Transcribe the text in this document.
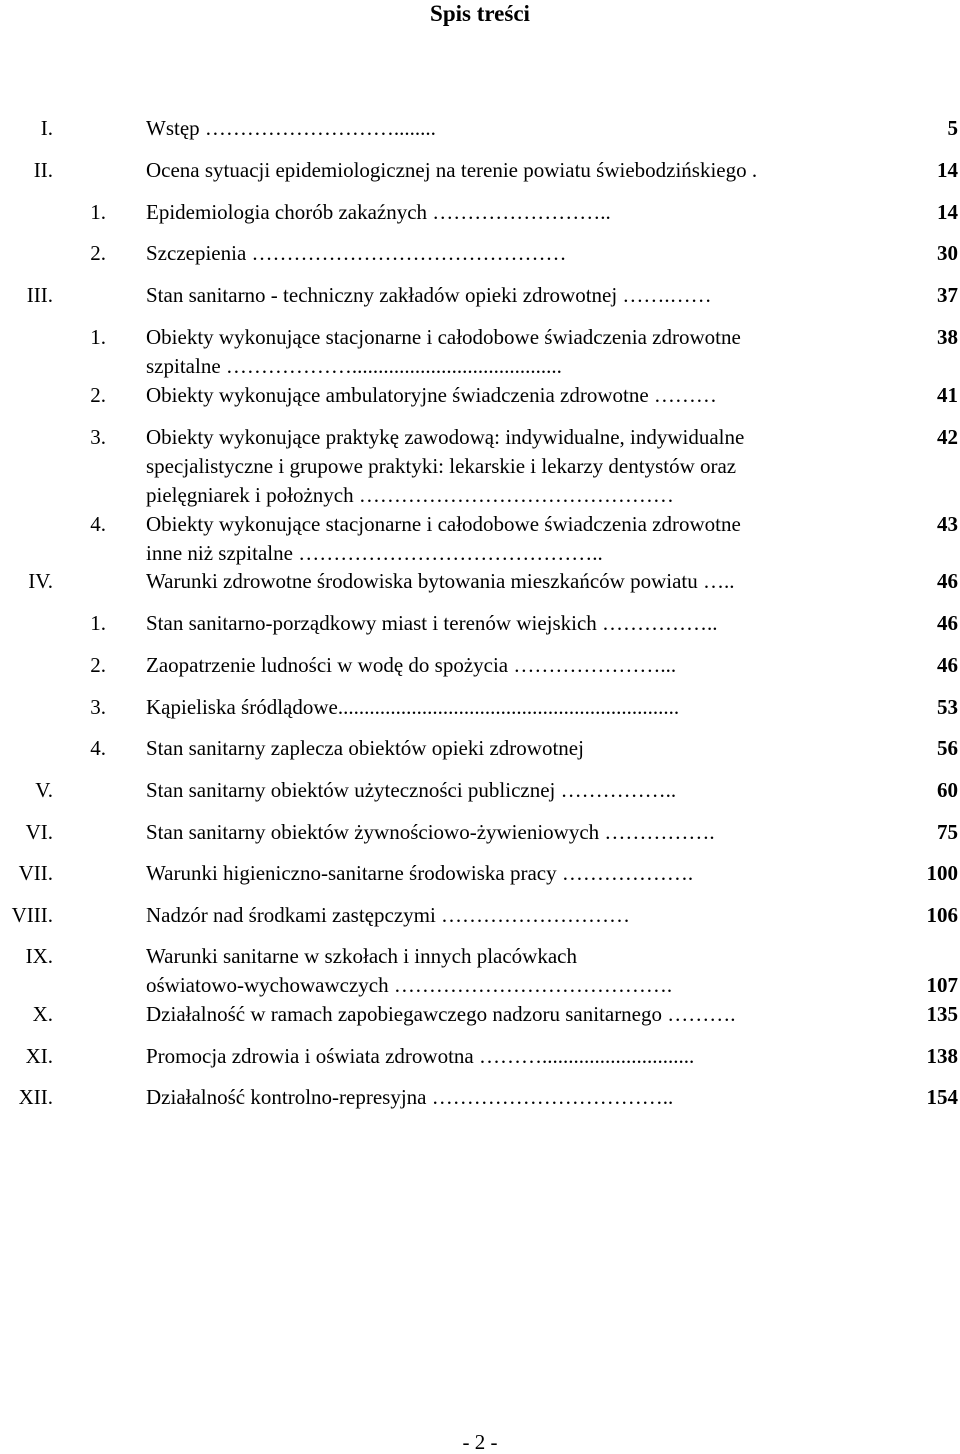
Spis treści
I.	Wstęp ………………………........	5
II.	Ocena sytuacji epidemiologicznej na terenie powiatu świebodzińskiego .	14
1. Epidemiologia chorób zakaźnych ……………………..	14
2. Szczepienia ………………………………………	30
III.	Stan sanitarno - techniczny zakładów opieki zdrowotnej …….……	37
1. Obiekty wykonujące stacjonarne i całodobowe świadczenia zdrowotne	38
szpitalne ………………........................................
2. Obiekty wykonujące ambulatoryjne świadczenia zdrowotne ………	41
3. Obiekty wykonujące praktykę zawodową: indywidualne, indywidualne	42
specjalistyczne i grupowe praktyki: lekarskie i lekarzy dentystów oraz
pielęgniarek i położnych ………………………………………
4. Obiekty wykonujące stacjonarne i całodobowe świadczenia zdrowotne	43
inne niż szpitalne ……………………………………..
IV.	Warunki zdrowotne środowiska bytowania mieszkańców powiatu …..	46
1. Stan sanitarno-porządkowy miast i terenów wiejskich ……………..	46
2. Zaopatrzenie ludności w wodę do spożycia …………………...	46
3. Kąpieliska śródlądowe.................................................................	53
4. Stan sanitarny zaplecza obiektów opieki zdrowotnej	56
V.	Stan sanitarny obiektów użyteczności publicznej ……………..	60
VI.	Stan sanitarny obiektów żywnościowo-żywieniowych …………….	75
VII.	Warunki higieniczno-sanitarne środowiska pracy ……………….	100
VIII.	Nadzór nad środkami zastępczymi ………………………	106
IX.	Warunki sanitarne w szkołach i innych placówkach
oświatowo-wychowawczych ………………………………….	107
X.	Działalność w ramach zapobiegawczego nadzoru sanitarnego ……….	135
XI.	Promocja zdrowia i oświata zdrowotna ……….............................	138
XII.	Działalność kontrolno-represyjna ……………………………..	154
- 2 -
